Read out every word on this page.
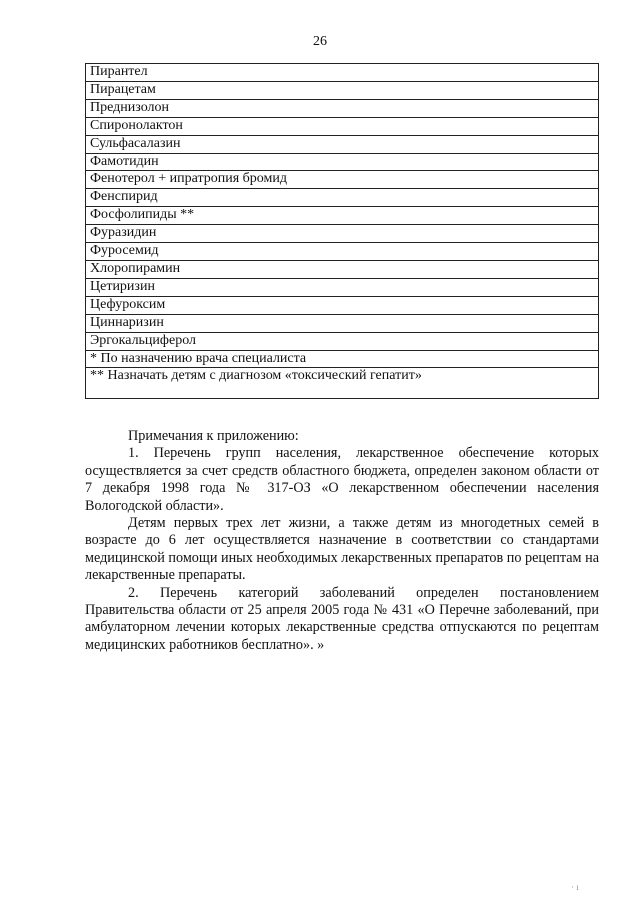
26
Пирантел
Пирацетам
Преднизолон
Спиронолактон
Сульфасалазин
Фамотидин
Фенотерол + ипратропия бромид
Фенспирид
Фосфолипиды **
Фуразидин
Фуросемид
Хлоропирамин
Цетиризин
Цефуроксим
Циннаризин
Эргокальциферол
* По назначению врача специалиста
** Назначать детям с диагнозом «токсический гепатит»

Примечания к приложению:

1. Перечень групп населения, лекарственное обеспечение которых осуществляется за счет средств областного бюджета, определен законом области от 7 декабря 1998 года № 317-ОЗ «О лекарственном обеспечении населения Вологодской области».

Детям первых трех лет жизни, а также детям из многодетных семей в возрасте до 6 лет осуществляется назначение в соответствии со стандартами медицинской помощи иных необходимых лекарственных препаратов по рецептам на лекарственные препараты.

2. Перечень категорий заболеваний определен постановлением Правительства области от 25 апреля 2005 года № 431 «О Перечне заболеваний, при амбулаторном лечении которых лекарственные средства отпускаются по рецептам медицинских работников бесплатно». »

· ı
